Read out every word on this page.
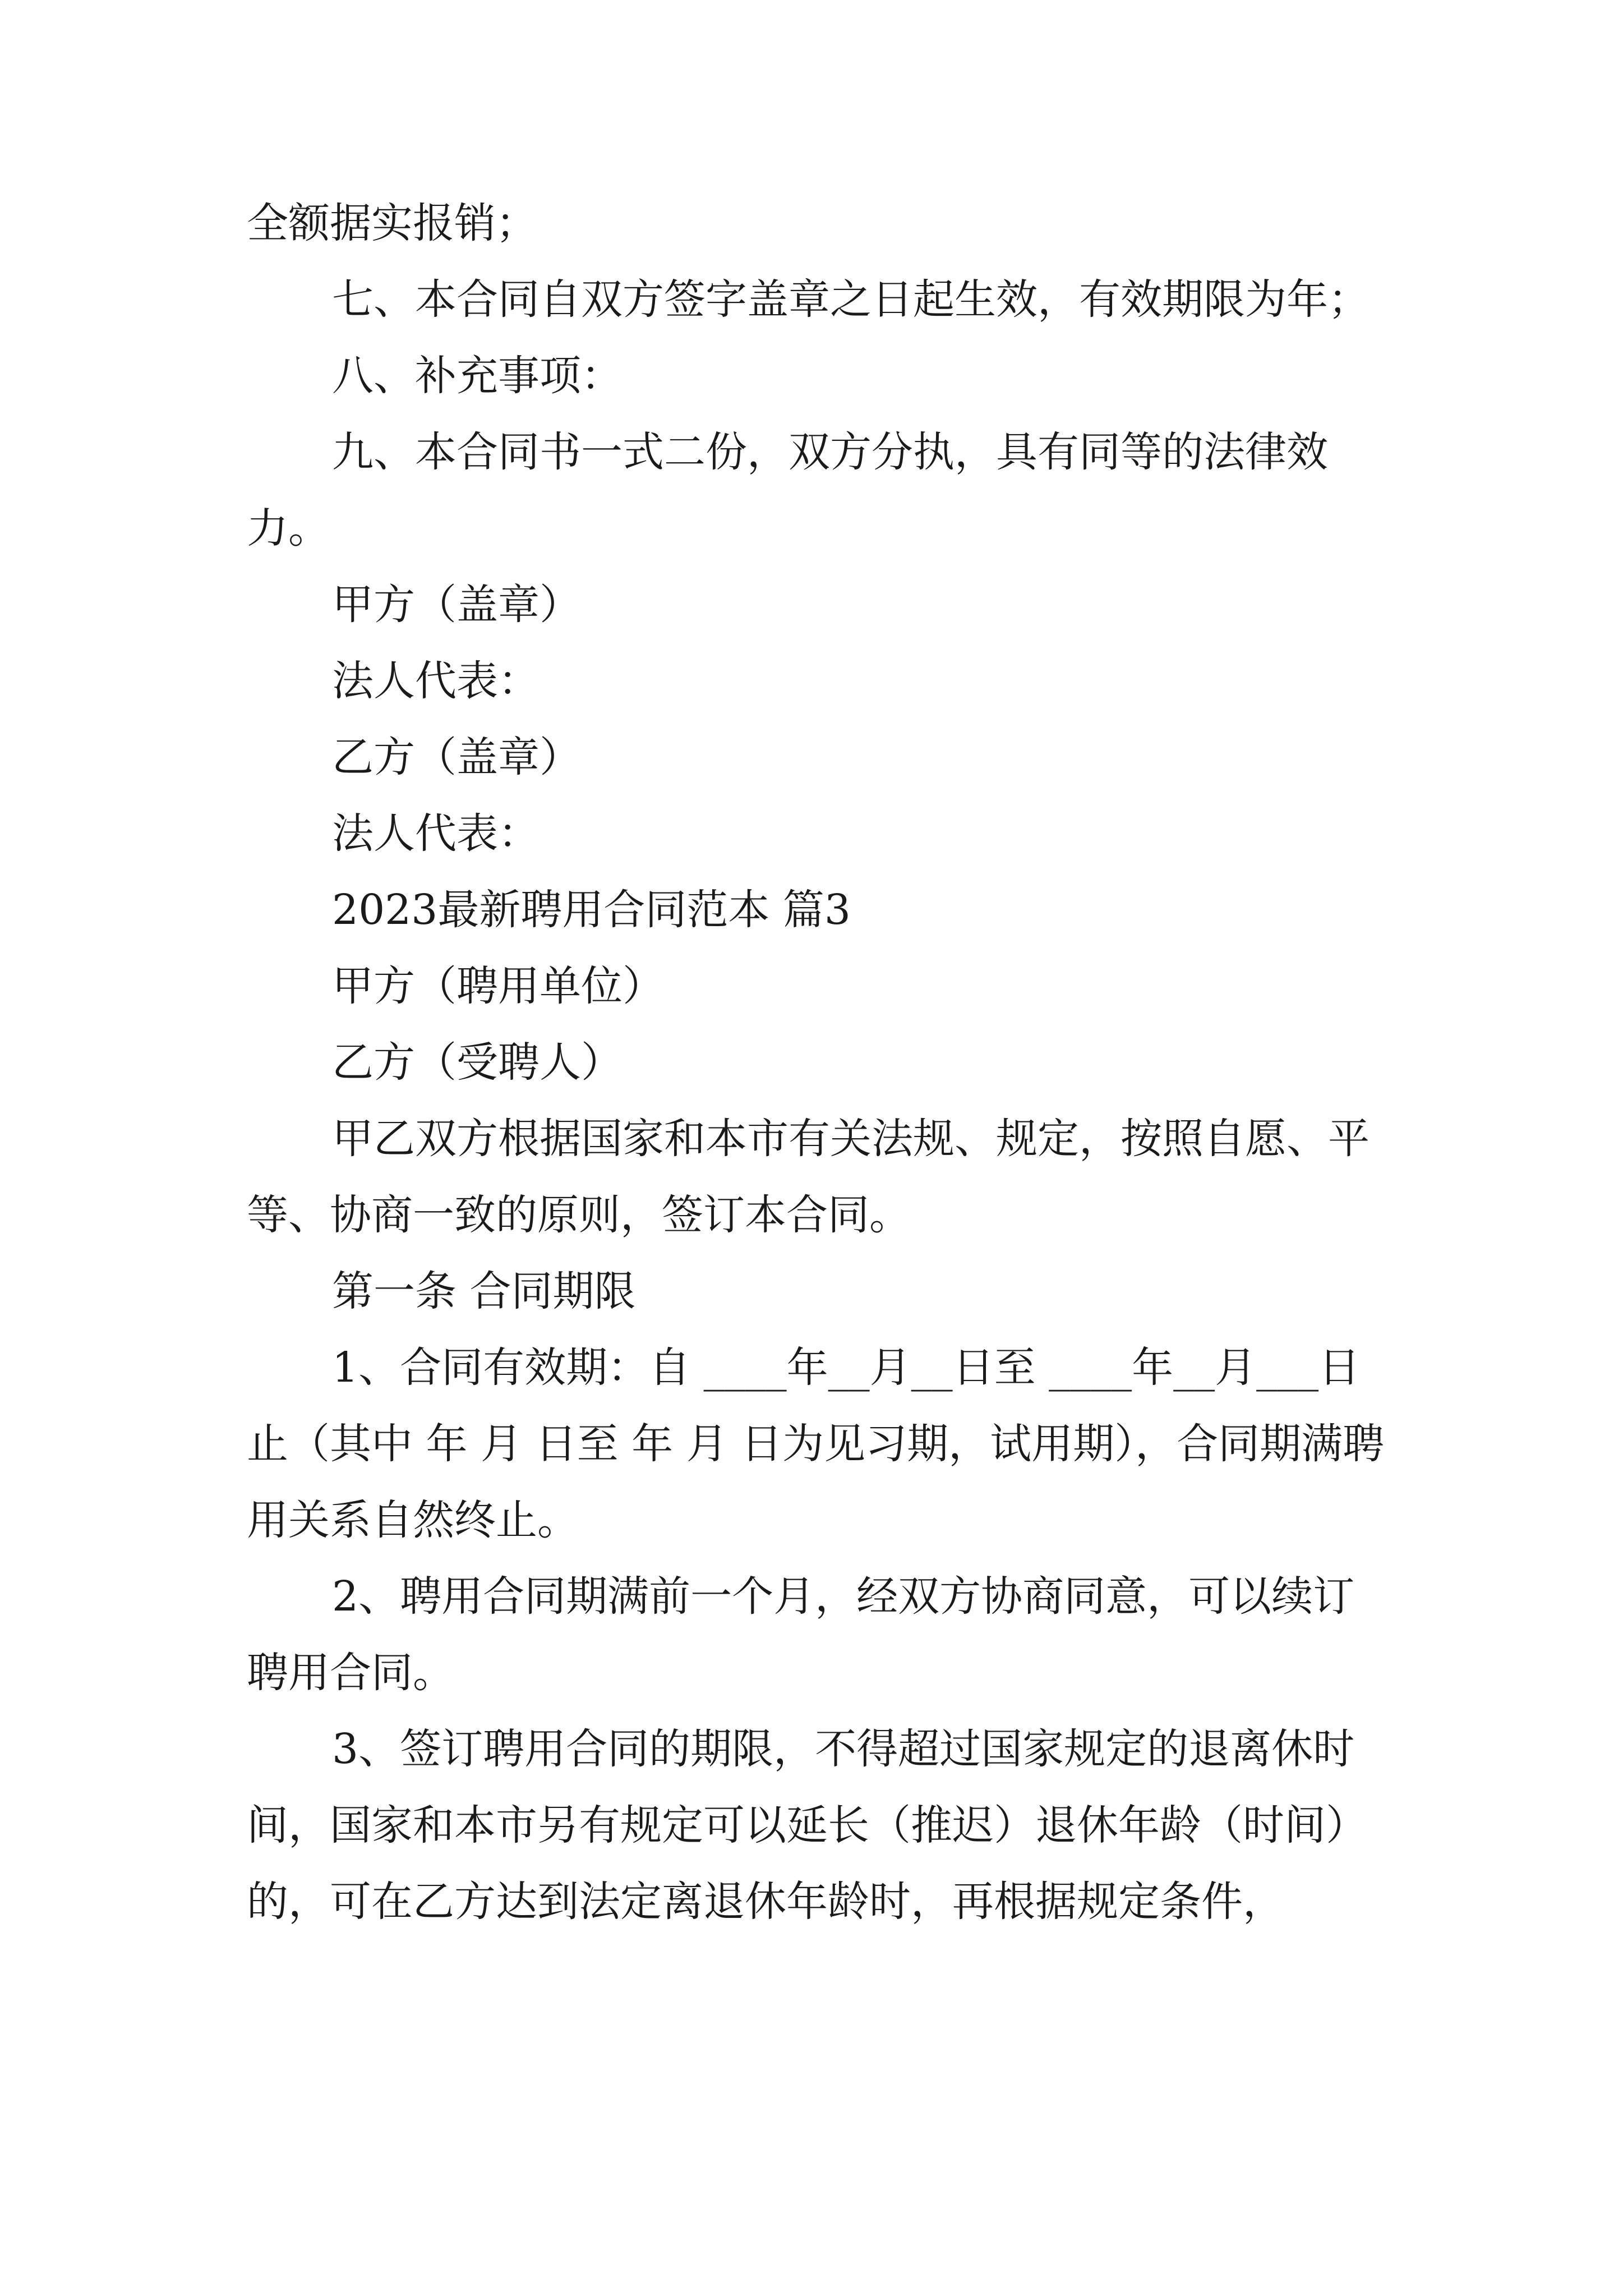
全额据实报销；

七、本合同自双方签字盖章之日起生效，有效期限为年；

八、补充事项：

九、本合同书一式二份，双方分执，具有同等的法律效力。

甲方（盖章）

法人代表：

乙方（盖章）

法人代表：

2023最新聘用合同范本 篇3

甲方（聘用单位）

乙方（受聘人）

甲乙双方根据国家和本市有关法规、规定，按照自愿、平等、协商一致的原则，签订本合同。

第一条 合同期限

1、合同有效期：自 ____年__月__日至 ____年__月___日止（其中 年 月 日至 年 月 日为见习期，试用期），合同期满聘用关系自然终止。

2、聘用合同期满前一个月，经双方协商同意，可以续订聘用合同。

3、签订聘用合同的期限，不得超过国家规定的退离休时间，国家和本市另有规定可以延长（推迟）退休年龄（时间）的，可在乙方达到法定离退休年龄时，再根据规定条件，
